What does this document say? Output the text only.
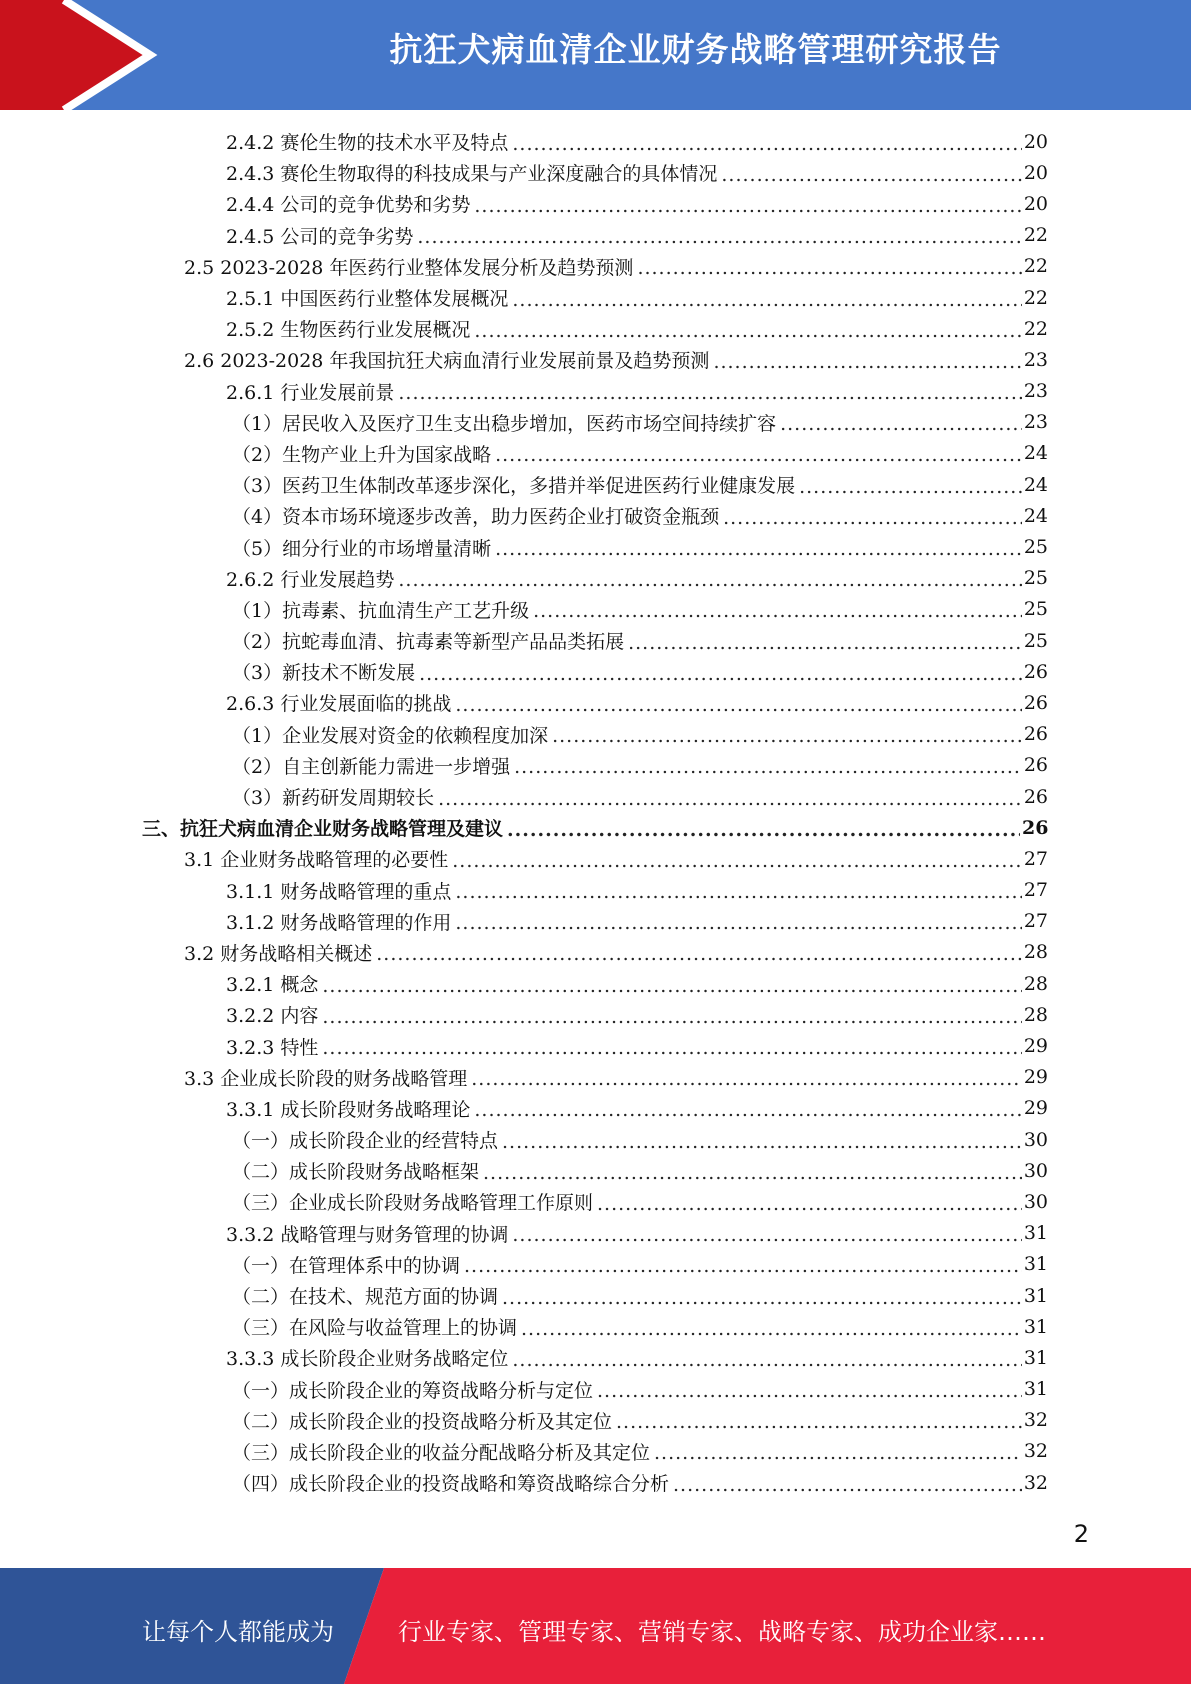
抗狂犬病血清企业财务战略管理研究报告
2.4.2 赛伦生物的技术水平及特点 .....	20
2.4.3 赛伦生物取得的科技成果与产业深度融合的具体情况 .....	20
2.4.4 公司的竞争优势和劣势 .....	20
2.4.5 公司的竞争劣势 .....	22
2.5 2023-2028 年医药行业整体发展分析及趋势预测 .....	22
2.5.1 中国医药行业整体发展概况 .....	22
2.5.2 生物医药行业发展概况 .....	22
2.6 2023-2028 年我国抗狂犬病血清行业发展前景及趋势预测 .....	23
2.6.1 行业发展前景 .....	23
（1）居民收入及医疗卫生支出稳步增加，医药市场空间持续扩容 .....	23
（2）生物产业上升为国家战略 .....	24
（3）医药卫生体制改革逐步深化，多措并举促进医药行业健康发展 .....	24
（4）资本市场环境逐步改善，助力医药企业打破资金瓶颈 .....	24
（5）细分行业的市场增量清晰 .....	25
2.6.2 行业发展趋势 .....	25
（1）抗毒素、抗血清生产工艺升级 .....	25
（2）抗蛇毒血清、抗毒素等新型产品品类拓展 .....	25
（3）新技术不断发展 .....	26
2.6.3 行业发展面临的挑战 .....	26
（1）企业发展对资金的依赖程度加深 .....	26
（2）自主创新能力需进一步增强 .....	26
（3）新药研发周期较长 .....	26
三、抗狂犬病血清企业财务战略管理及建议 .....	26
3.1 企业财务战略管理的必要性 .....	27
3.1.1 财务战略管理的重点 .....	27
3.1.2 财务战略管理的作用 .....	27
3.2 财务战略相关概述 .....	28
3.2.1 概念 .....	28
3.2.2 内容 .....	28
3.2.3 特性 .....	29
3.3 企业成长阶段的财务战略管理 .....	29
3.3.1 成长阶段财务战略理论 .....	29
（一）成长阶段企业的经营特点 .....	30
（二）成长阶段财务战略框架 .....	30
（三）企业成长阶段财务战略管理工作原则 .....	30
3.3.2 战略管理与财务管理的协调 .....	31
（一）在管理体系中的协调 .....	31
（二）在技术、规范方面的协调 .....	31
（三）在风险与收益管理上的协调 .....	31
3.3.3 成长阶段企业财务战略定位 .....	31
（一）成长阶段企业的筹资战略分析与定位 .....	31
（二）成长阶段企业的投资战略分析及其定位 .....	32
（三）成长阶段企业的收益分配战略分析及其定位 .....	32
（四）成长阶段企业的投资战略和筹资战略综合分析 .....	32
2
让每个人都能成为	行业专家、管理专家、营销专家、战略专家、成功企业家……
